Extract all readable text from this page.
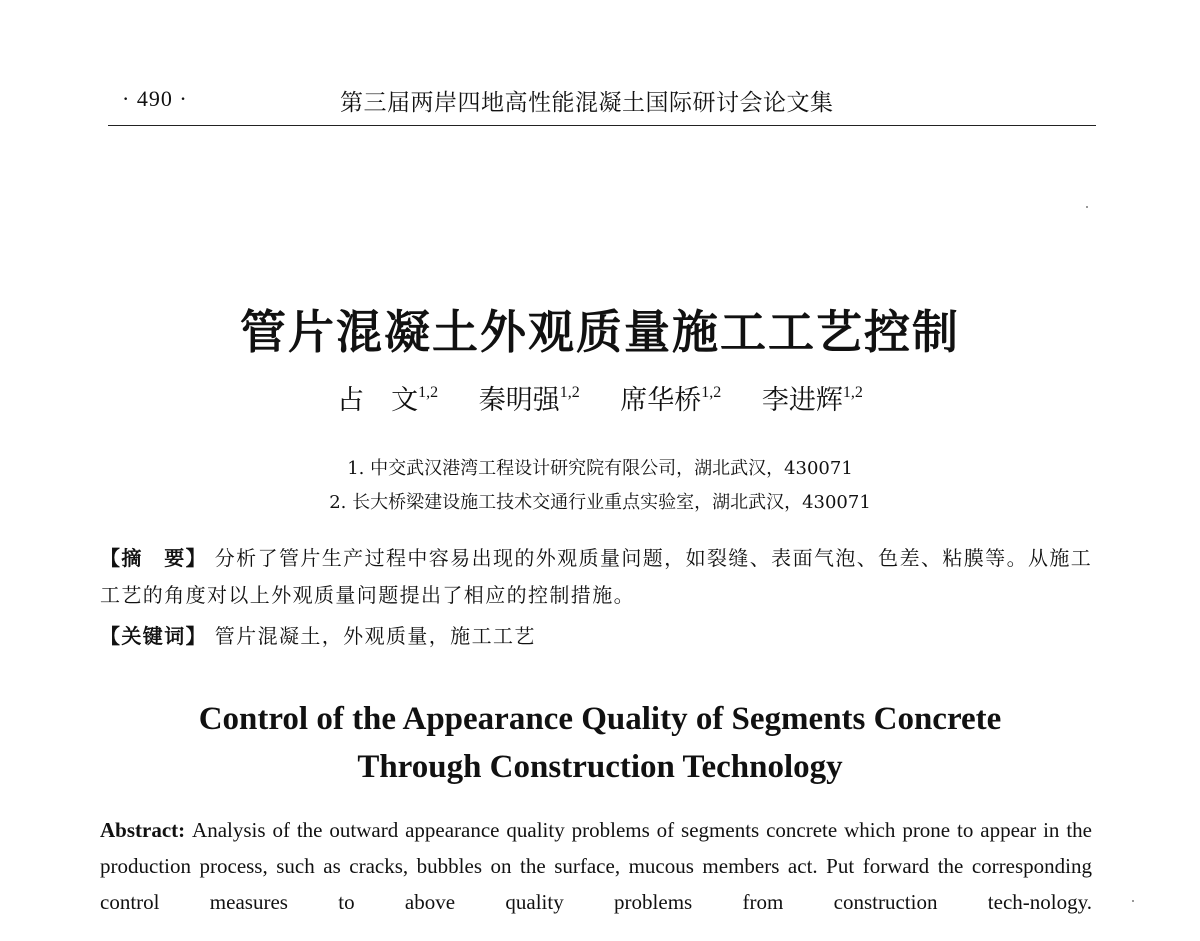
· 490 ·	第三届两岸四地高性能混凝土国际研讨会论文集
管片混凝土外观质量施工工艺控制
占　文$^{1,2}$ 秦明强$^{1,2}$ 席华桥$^{1,2}$ 李进辉$^{1,2}$
1. 中交武汉港湾工程设计研究院有限公司，湖北武汉，430071
2. 长大桥梁建设施工技术交通行业重点实验室，湖北武汉，430071
【摘　要】 分析了管片生产过程中容易出现的外观质量问题，如裂缝、表面气泡、色差、粘膜等。从施工工艺的角度对以上外观质量问题提出了相应的控制措施。
【关键词】 管片混凝土，外观质量，施工工艺
Control of the Appearance Quality of Segments Concrete
Through Construction Technology
Abstract: Analysis of the outward appearance quality problems of segments concrete which prone to appear in the production process, such as cracks, bubbles on the surface, mucous members act. Put forward the corresponding control measures to above quality problems from construction tech-nology.
